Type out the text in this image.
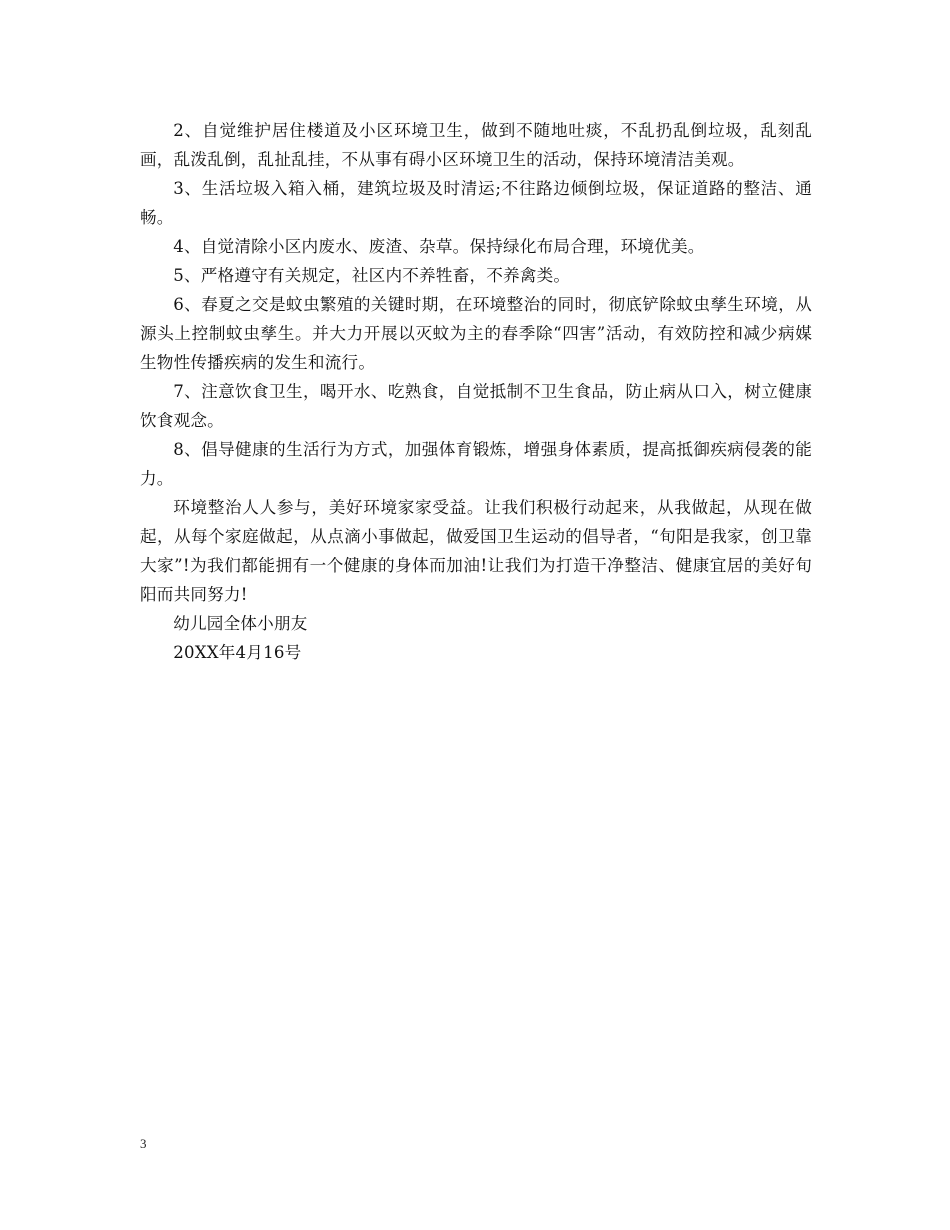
2、自觉维护居住楼道及小区环境卫生，做到不随地吐痰，不乱扔乱倒垃圾，乱刻乱画，乱泼乱倒，乱扯乱挂，不从事有碍小区环境卫生的活动，保持环境清洁美观。

3、生活垃圾入箱入桶，建筑垃圾及时清运;不往路边倾倒垃圾，保证道路的整洁、通畅。

4、自觉清除小区内废水、废渣、杂草。保持绿化布局合理，环境优美。

5、严格遵守有关规定，社区内不养牲畜，不养禽类。

6、春夏之交是蚊虫繁殖的关键时期，在环境整治的同时，彻底铲除蚊虫孳生环境，从源头上控制蚊虫孳生。并大力开展以灭蚊为主的春季除“四害”活动，有效防控和减少病媒生物性传播疾病的发生和流行。

7、注意饮食卫生，喝开水、吃熟食，自觉抵制不卫生食品，防止病从口入，树立健康饮食观念。

8、倡导健康的生活行为方式，加强体育锻炼，增强身体素质，提高抵御疾病侵袭的能力。

环境整治人人参与，美好环境家家受益。让我们积极行动起来，从我做起，从现在做起，从每个家庭做起，从点滴小事做起，做爱国卫生运动的倡导者，“旬阳是我家，创卫靠大家”!为我们都能拥有一个健康的身体而加油!让我们为打造干净整洁、健康宜居的美好旬阳而共同努力!

幼儿园全体小朋友

20XX年4月16号

3
